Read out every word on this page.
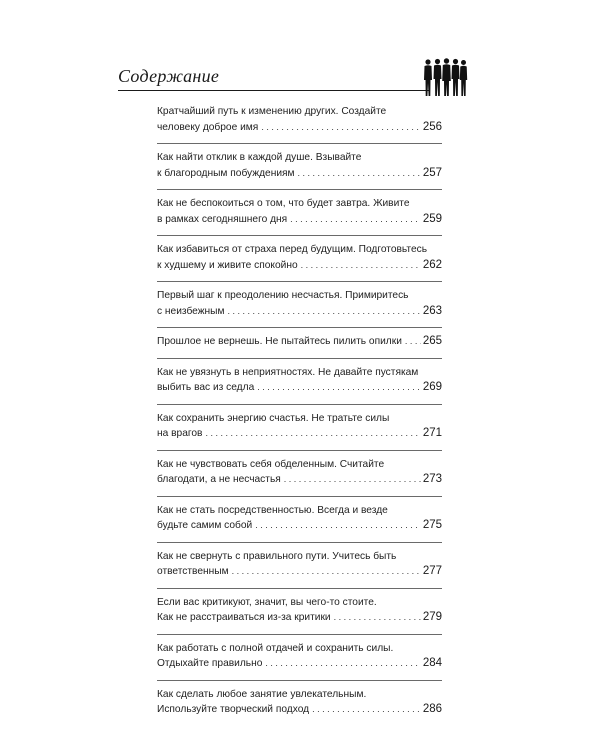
Содержание
Кратчайший путь к изменению других. Создайте
человеку доброе имя . . .	256
Как найти отклик в каждой душе. Взывайте
к благородным побуждениям . . .	257
Как не беспокоиться о том, что будет завтра. Живите
в рамках сегодняшнего дня . . .	259
Как избавиться от страха перед будущим. Подготовьтесь
к худшему и живите спокойно . . .	262
Первый шаг к преодолению несчастья. Примиритесь
с неизбежным . . .	263
Прошлое не вернешь. Не пытайтесь пилить опилки . . . 265
Как не увязнуть в неприятностях. Не давайте пустякам
выбить вас из седла . . .	269
Как сохранить энергию счастья. Не тратьте силы
на врагов . . .	271
Как не чувствовать себя обделенным. Считайте
благодати, а не несчастья . . .	273
Как не стать посредственностью. Всегда и везде
будьте самим собой . . .	275
Как не свернуть с правильного пути. Учитесь быть
ответственным . . .	277
Если вас критикуют, значит, вы чего-то стоите.
Как не расстраиваться из-за критики . . .	279
Как работать с полной отдачей и сохранить силы.
Отдыхайте правильно . . .	284
Как сделать любое занятие увлекательным.
Используйте творческий подход . . .	286
